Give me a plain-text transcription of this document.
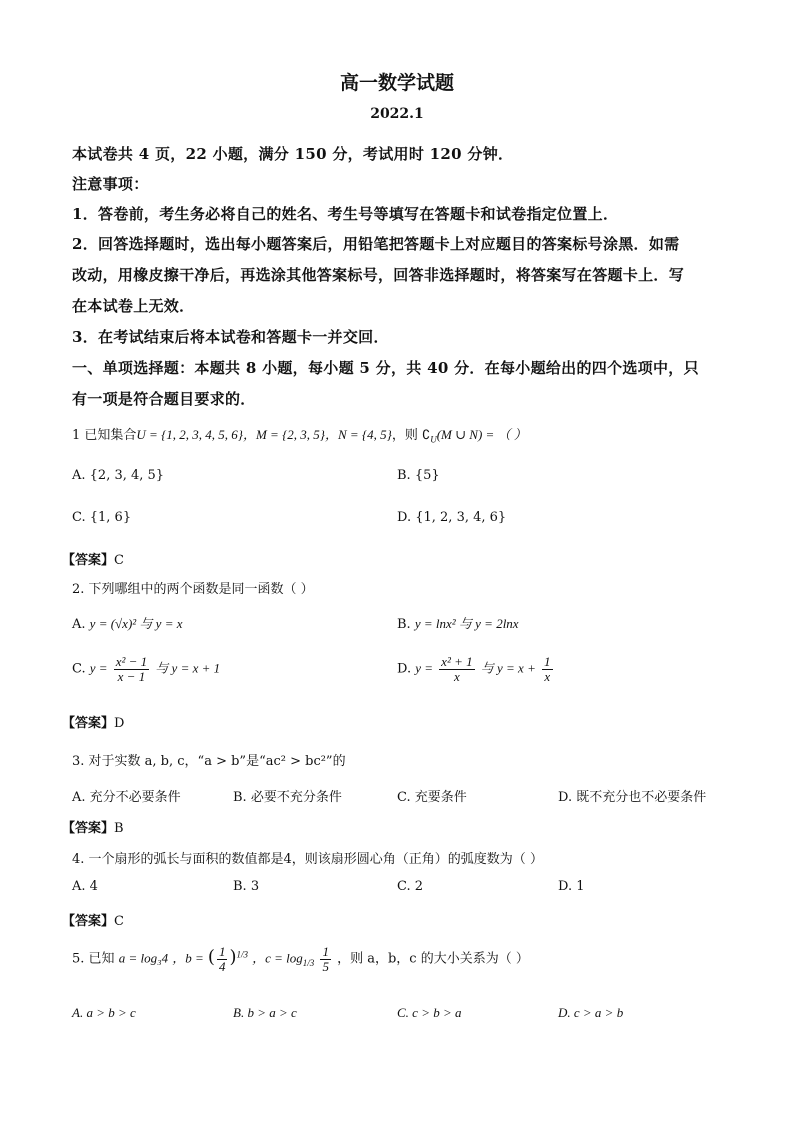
高一数学试题
2022.1
本试卷共 4 页，22 小题，满分 150 分，考试用时 120 分钟．
注意事项：
1．答卷前，考生务必将自己的姓名、考生号等填写在答题卡和试卷指定位置上．
2．回答选择题时，选出每小题答案后，用铅笔把答题卡上对应题目的答案标号涂黑．如需
改动，用橡皮擦干净后，再选涂其他答案标号，回答非选择题时，将答案写在答题卡上．写
在本试卷上无效．
3．在考试结束后将本试卷和答题卡一并交回．
一、单项选择题：本题共 8 小题，每小题 5 分，共 40 分．在每小题给出的四个选项中，只
有一项是符合题目要求的．
1 已知集合U = {1, 2, 3, 4, 5, 6}，M = {2, 3, 5}，N = {4, 5}，则 $∁_U(M$ ∪ N) = （ ）
A. {2, 3, 4, 5}	B. {5}
C. {1, 6}	D. {1, 2, 3, 4, 6}
【答案】C
2. 下列哪组中的两个函数是同一函数（ ）
A. y = (√x)² 与 y = x	B. y = lnx² 与 y = 2lnx
C. $y = \frac{\text{x² − 1}}{x - 1}$ 与 y = x + 1	D. $y = \frac{\text{x² + 1}}{x}$ 与 $y = x + \frac{1}{x}$
【答案】D
3. 对于实数 a, b, c，“a > b”是“ac² > bc²”的
A. 充分不必要条件	B. 必要不充分条件	C. 充要条件	D. 既不充分也不必要条件
【答案】B
4. 一个扇形的弧长与面积的数值都是4，则该扇形圆心角（正角）的弧度数为（ ）
A. 4	B. 3	C. 2	D. 1
【答案】C
5. 已知 a = log₃4 ，b = ( $\frac{1}{4} )^{1/3}$ ，$c = \log_{1/3} \frac{1}{5}$ ，则 a，b，c 的大小关系为（ ）
A. a > b > c	B. b > a > c	C. c > b > a	D. c > a > b
